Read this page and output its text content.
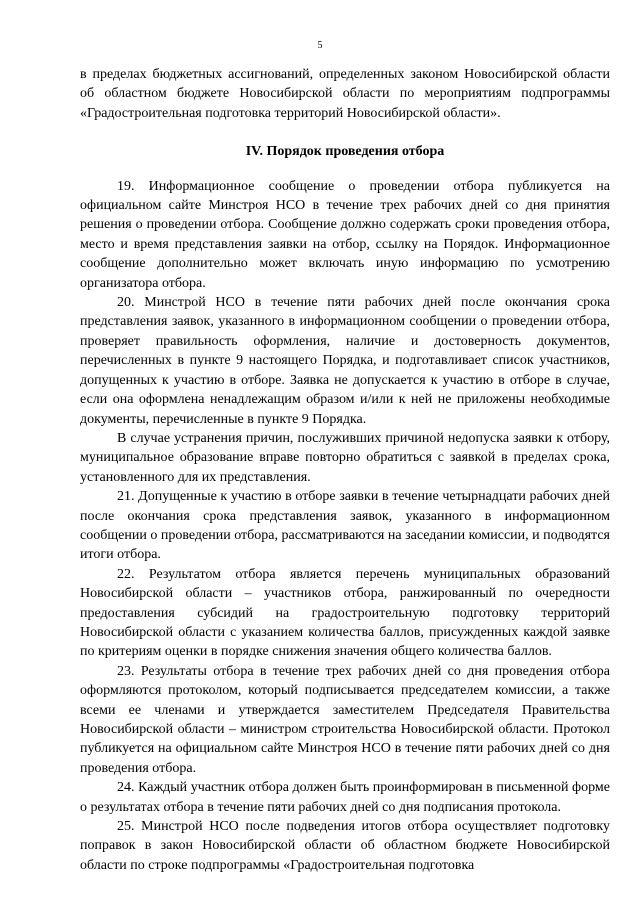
5

в пределах бюджетных ассигнований, определенных законом Новосибирской области об областном бюджете Новосибирской области по мероприятиям подпрограммы «Градостроительная подготовка территорий Новосибирской области».

IV. Порядок проведения отбора

19. Информационное сообщение о проведении отбора публикуется на официальном сайте Минстроя НСО в течение трех рабочих дней со дня принятия решения о проведении отбора. Сообщение должно содержать сроки проведения отбора, место и время представления заявки на отбор, ссылку на Порядок. Информационное сообщение дополнительно может включать иную информацию по усмотрению организатора отбора.

20. Минстрой НСО в течение пяти рабочих дней после окончания срока представления заявок, указанного в информационном сообщении о проведении отбора, проверяет правильность оформления, наличие и достоверность документов, перечисленных в пункте 9 настоящего Порядка, и подготавливает список участников, допущенных к участию в отборе. Заявка не допускается к участию в отборе в случае, если она оформлена ненадлежащим образом и/или к ней не приложены необходимые документы, перечисленные в пункте 9 Порядка.

В случае устранения причин, послуживших причиной недопуска заявки к отбору, муниципальное образование вправе повторно обратиться с заявкой в пределах срока, установленного для их представления.

21. Допущенные к участию в отборе заявки в течение четырнадцати рабочих дней после окончания срока представления заявок, указанного в информационном сообщении о проведении отбора, рассматриваются на заседании комиссии, и подводятся итоги отбора.

22. Результатом отбора является перечень муниципальных образований Новосибирской области – участников отбора, ранжированный по очередности предоставления субсидий на градостроительную подготовку территорий Новосибирской области с указанием количества баллов, присужденных каждой заявке по критериям оценки в порядке снижения значения общего количества баллов.

23. Результаты отбора в течение трех рабочих дней со дня проведения отбора оформляются протоколом, который подписывается председателем комиссии, а также всеми ее членами и утверждается заместителем Председателя Правительства Новосибирской области – министром строительства Новосибирской области. Протокол публикуется на официальном сайте Минстроя НСО в течение пяти рабочих дней со дня проведения отбора.

24. Каждый участник отбора должен быть проинформирован в письменной форме о результатах отбора в течение пяти рабочих дней со дня подписания протокола.

25. Минстрой НСО после подведения итогов отбора осуществляет подготовку поправок в закон Новосибирской области об областном бюджете Новосибирской области по строке подпрограммы «Градостроительная подготовка
